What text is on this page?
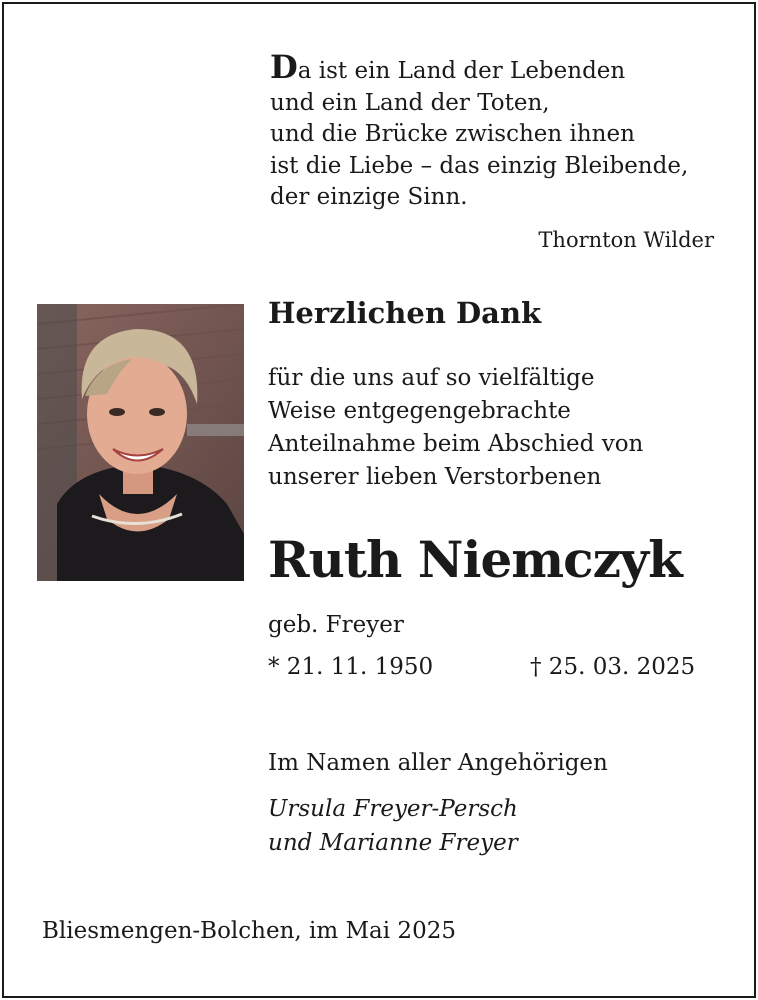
Da ist ein Land der Lebenden
und ein Land der Toten,
und die Brücke zwischen ihnen
ist die Liebe – das einzig Bleibende,
der einzige Sinn.
Thornton Wilder
Herzlichen Dank
für die uns auf so vielfältige
Weise entgegengebrachte
Anteilnahme beim Abschied von
unserer lieben Verstorbenen
Ruth Niemczyk
geb. Freyer
* 21. 11. 1950	† 25. 03. 2025
Im Namen aller Angehörigen
Ursula Freyer-Persch
und Marianne Freyer
Bliesmengen-Bolchen, im Mai 2025
